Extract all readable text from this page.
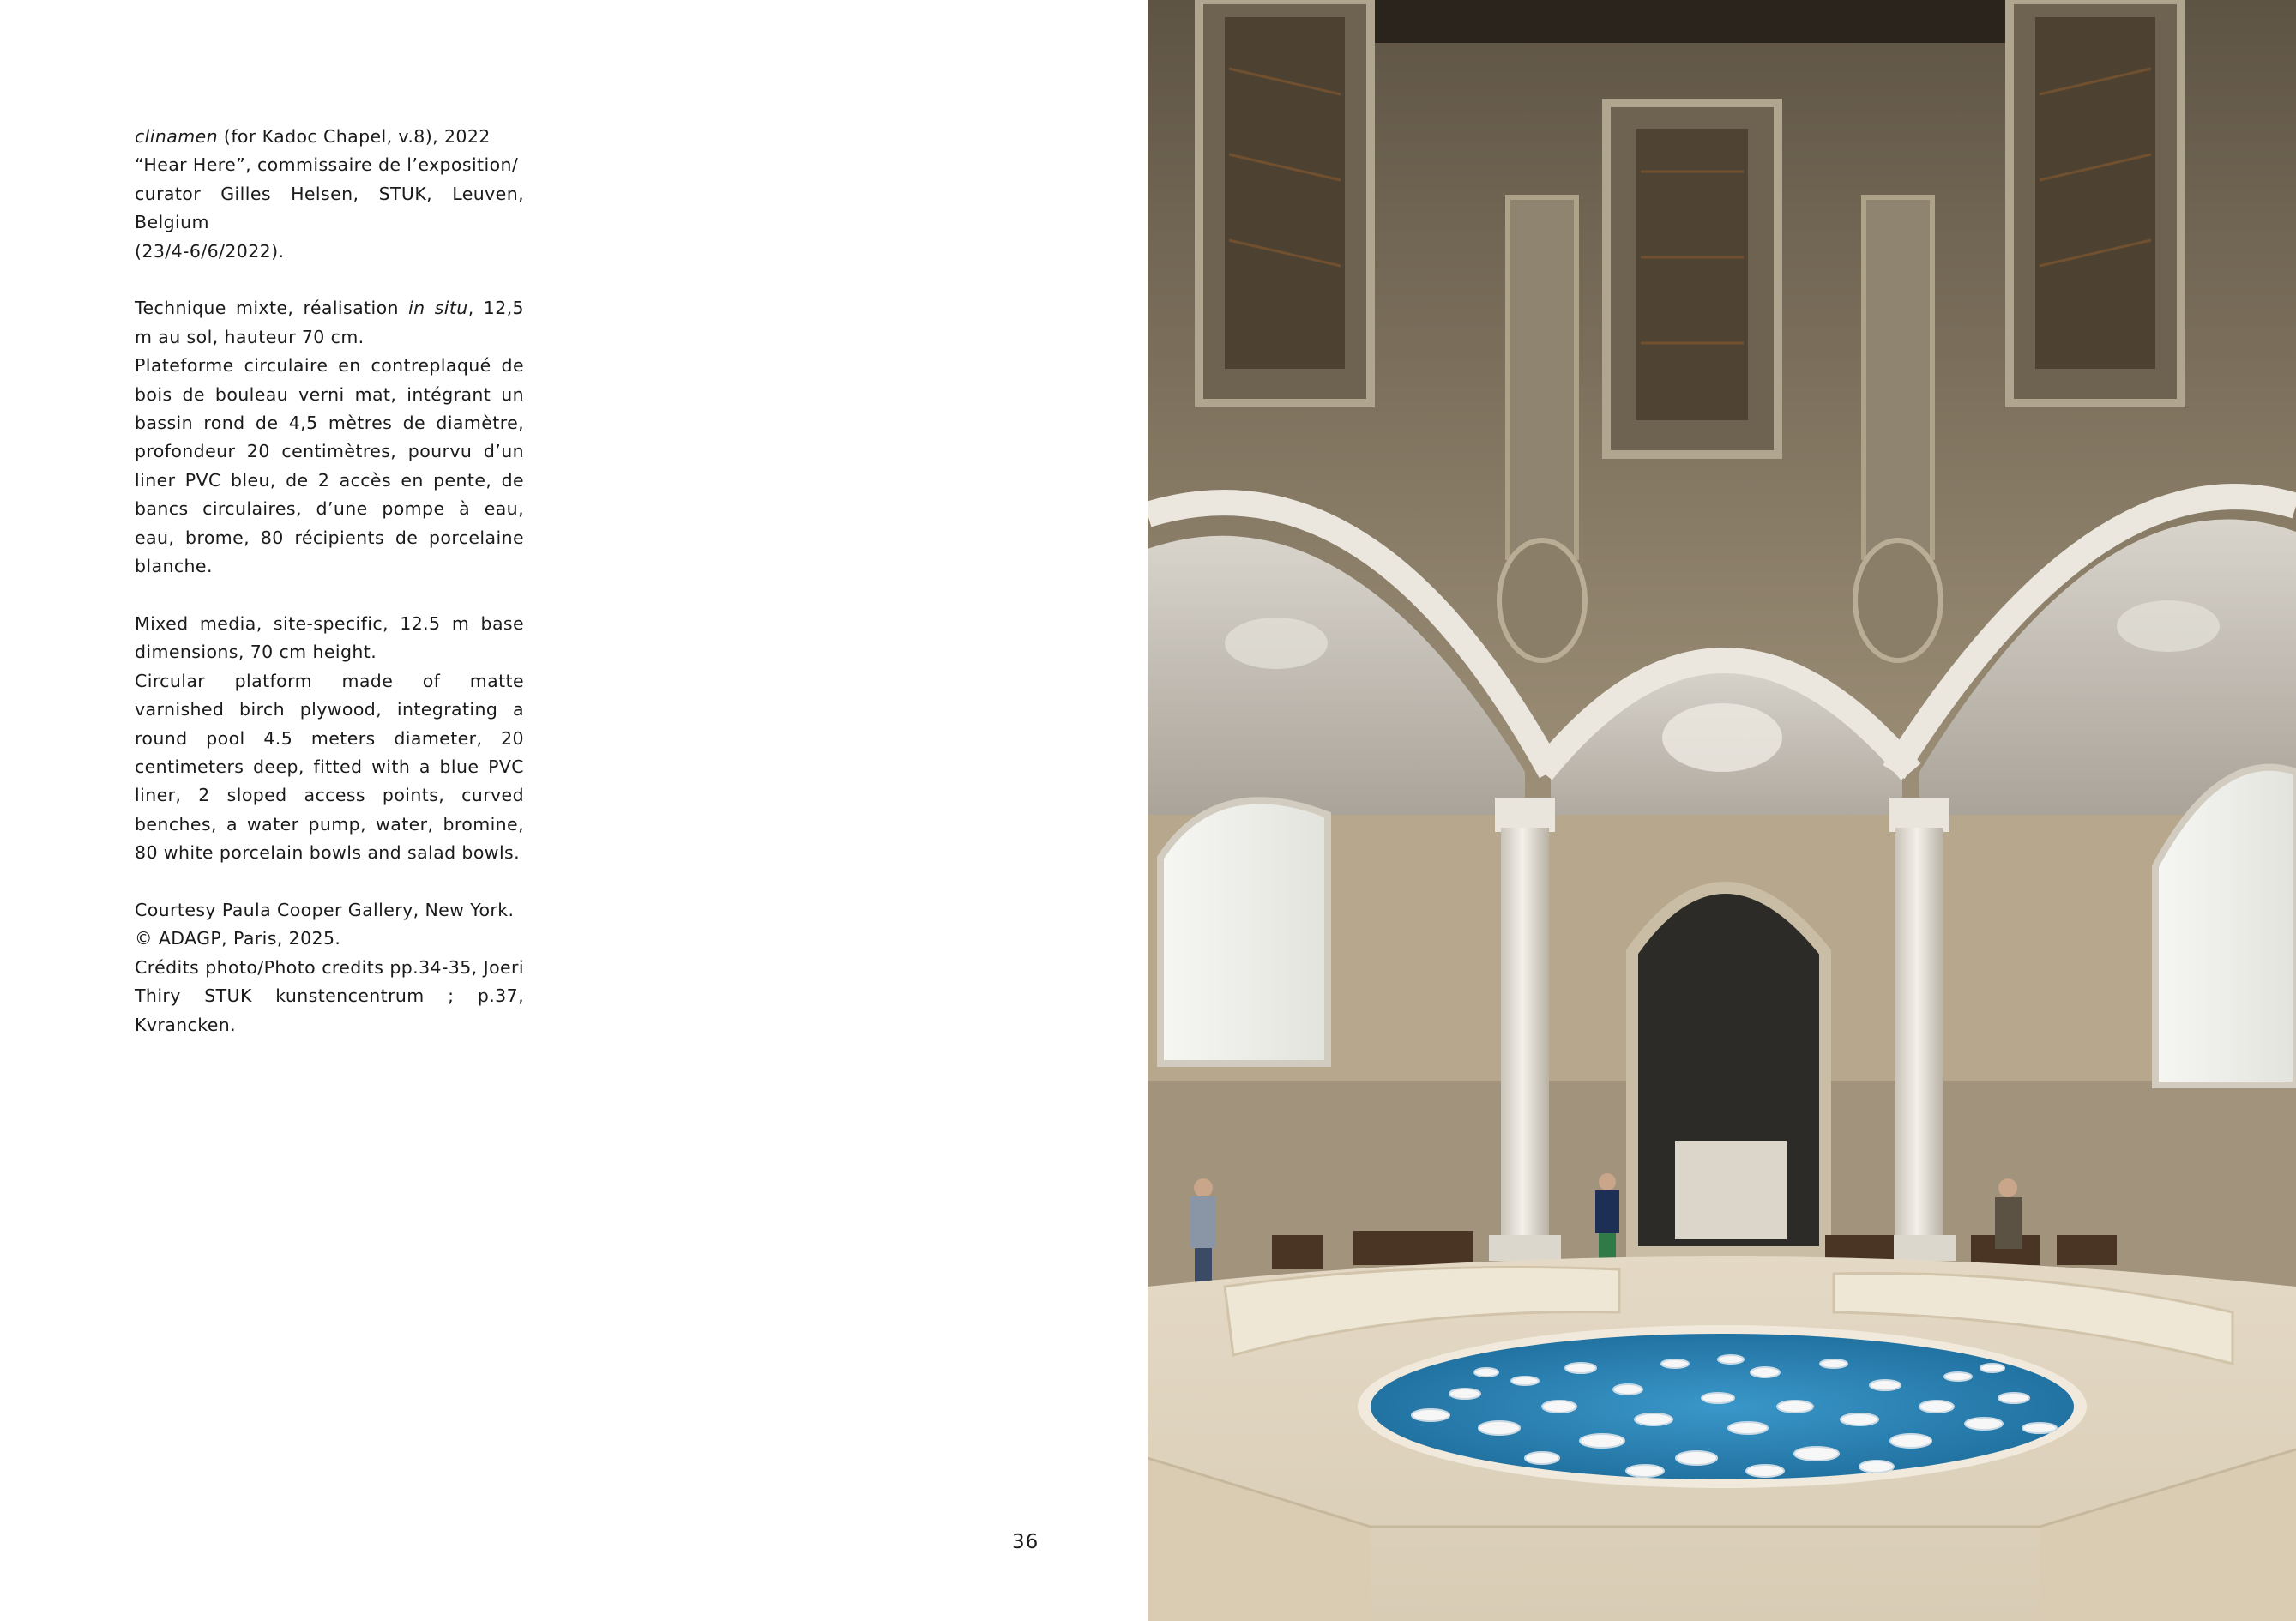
clinamen (for Kadoc Chapel, v.8), 2022

“Hear Here”, commissaire de l’exposition/

curator Gilles Helsen, STUK, Leuven, Belgium

(23/4-6/6/2022).

Technique mixte, réalisation in situ, 12,5 m au sol, hauteur 70 cm.

Plateforme circulaire en contreplaqué de bois de bouleau verni mat, intégrant un bassin rond de 4,5 mètres de diamètre, profondeur 20 centimètres, pourvu d’un liner PVC bleu, de 2 accès en pente, de bancs circulaires, d’une pompe à eau, eau, brome, 80 récipients de porcelaine blanche.

Mixed media, site-specific, 12.5 m base dimensions, 70 cm height.

Circular platform made of matte varnished birch plywood, integrating a round pool 4.5 meters diameter, 20 centimeters deep, fitted with a blue PVC liner, 2 sloped access points, curved benches, a water pump, water, bromine, 80 white porcelain bowls and salad bowls.

Courtesy Paula Cooper Gallery, New York.

© ADAGP, Paris, 2025.

Crédits photo/Photo credits pp.34-35, Joeri Thiry STUK kunstencentrum ; p.37, Kvrancken.

36
